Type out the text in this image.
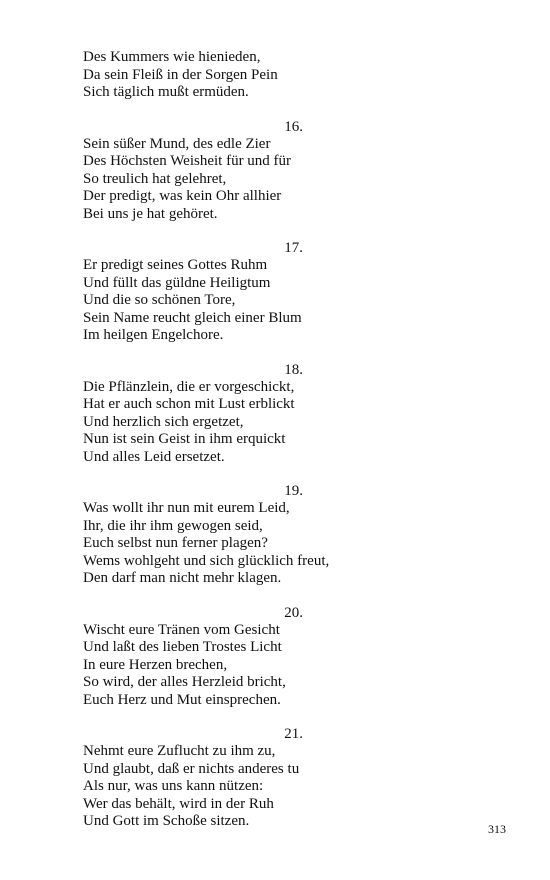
Des Kummers wie hienieden,
Da sein Fleiß in der Sorgen Pein
Sich täglich mußt ermüden.
16.
Sein süßer Mund, des edle Zier
Des Höchsten Weisheit für und für
So treulich hat gelehret,
Der predigt, was kein Ohr allhier
Bei uns je hat gehöret.
17.
Er predigt seines Gottes Ruhm
Und füllt das güldne Heiligtum
Und die so schönen Tore,
Sein Name reucht gleich einer Blum
Im heilgen Engelchore.
18.
Die Pflänzlein, die er vorgeschickt,
Hat er auch schon mit Lust erblickt
Und herzlich sich ergetzet,
Nun ist sein Geist in ihm erquickt
Und alles Leid ersetzet.
19.
Was wollt ihr nun mit eurem Leid,
Ihr, die ihr ihm gewogen seid,
Euch selbst nun ferner plagen?
Wems wohlgeht und sich glücklich freut,
Den darf man nicht mehr klagen.
20.
Wischt eure Tränen vom Gesicht
Und laßt des lieben Trostes Licht
In eure Herzen brechen,
So wird, der alles Herzleid bricht,
Euch Herz und Mut einsprechen.
21.
Nehmt eure Zuflucht zu ihm zu,
Und glaubt, daß er nichts anderes tu
Als nur, was uns kann nützen:
Wer das behält, wird in der Ruh
Und Gott im Schoße sitzen.	313
